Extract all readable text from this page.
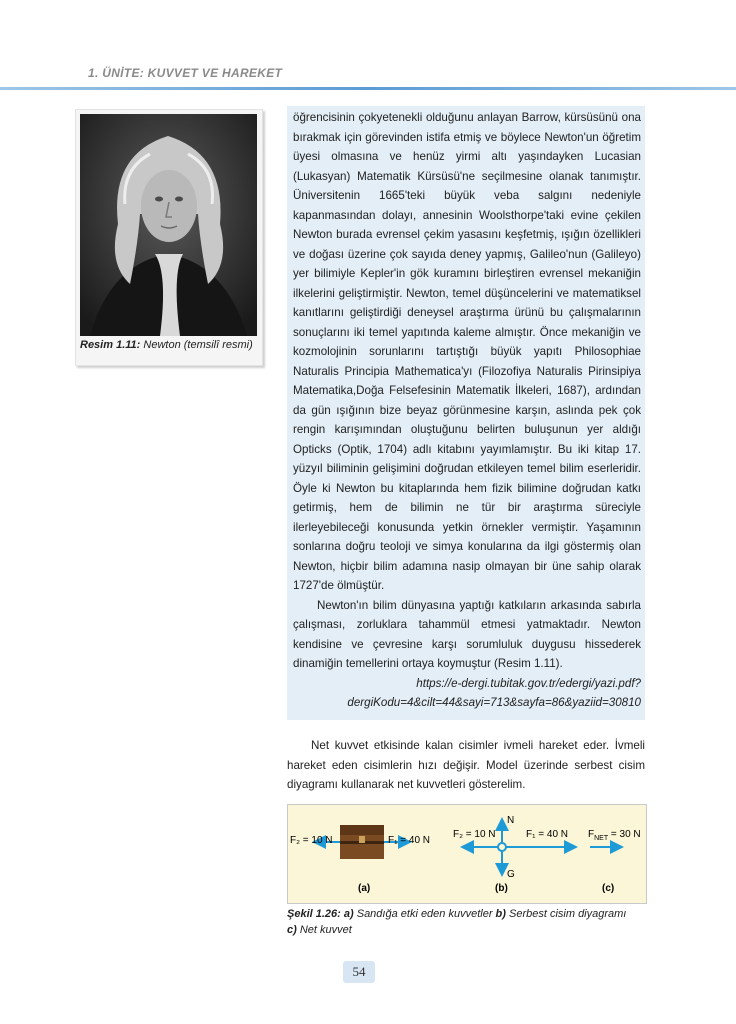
1. ÜNİTE: KUVVET VE HAREKET
Resim 1.11: Newton (temsilî resmi)

öğrencisinin çokyetenekli olduğunu anlayan Barrow, kürsüsünü ona bırakmak için görevinden istifa etmiş ve böylece Newton'un öğretim üyesi olmasına ve henüz yirmi altı yaşındayken Lucasian (Lukasyan) Matematik Kürsüsü'ne seçilmesine olanak tanımıştır. Üniversitenin 1665'teki büyük veba salgını nedeniyle kapanmasından dolayı, annesinin Woolsthorpe'taki evine çekilen Newton burada evrensel çekim yasasını keşfetmiş, ışığın özellikleri ve doğası üzerine çok sayıda deney yapmış, Galileo'nun (Galileyo) yer bilimiyle Kepler'in gök kuramını birleştiren evrensel mekaniğin ilkelerini geliştirmiştir. Newton, temel düşüncelerini ve matematiksel kanıtlarını geliştirdiği deneysel araştırma ürünü bu çalışmalarının sonuçlarını iki temel yapıtında kaleme almıştır. Önce mekaniğin ve kozmolojinin sorunlarını tartıştığı büyük yapıtı Philosophiae Naturalis Principia Mathematica'yı (Filozofiya Naturalis Pirinsipiya Matematika,Doğa Felsefesinin Matematik İlkeleri, 1687), ardından da gün ışığının bize beyaz görünmesine karşın, aslında pek çok rengin karışımından oluştuğunu belirten buluşunun yer aldığı Opticks (Optik, 1704) adlı kitabını yayımlamıştır. Bu iki kitap 17. yüzyıl biliminin gelişimini doğrudan etkileyen temel bilim eserleridir. Öyle ki Newton bu kitaplarında hem fizik bilimine doğrudan katkı getirmiş, hem de bilimin ne tür bir araştırma süreciyle ilerleyebileceği konusunda yetkin örnekler vermiştir. Yaşamının sonlarına doğru teoloji ve simya konularına da ilgi göstermiş olan Newton, hiçbir bilim adamına nasip olmayan bir üne sahip olarak 1727'de ölmüştür.

Newton'ın bilim dünyasına yaptığı katkıların arkasında sabırla çalışması, zorluklara tahammül etmesi yatmaktadır. Newton kendisine ve çevresine karşı sorumluluk duygusu hissederek dinamiğin temellerini ortaya koymuştur (Resim 1.11).

https://e-dergi.tubitak.gov.tr/edergi/yazi.pdf?dergiKodu=4&cilt=44&sayi=713&sayfa=86&yaziid=30810

Net kuvvet etkisinde kalan cisimler ivmeli hareket eder. İvmeli hareket eden cisimlerin hızı değişir. Model üzerinde serbest cisim diyagramı kullanarak net kuvvetleri gösterelim.
F₂ = 10 N	F₁ = 40 N
(a)
F₂ = 10 N	F₁ = 40 N
N
G
(b)
$F_{NET} = 30$ N
(c)
Şekil 1.26: a) Sandığa etki eden kuvvetler b) Serbest cisim diyagramı
c) Net kuvvet
54
